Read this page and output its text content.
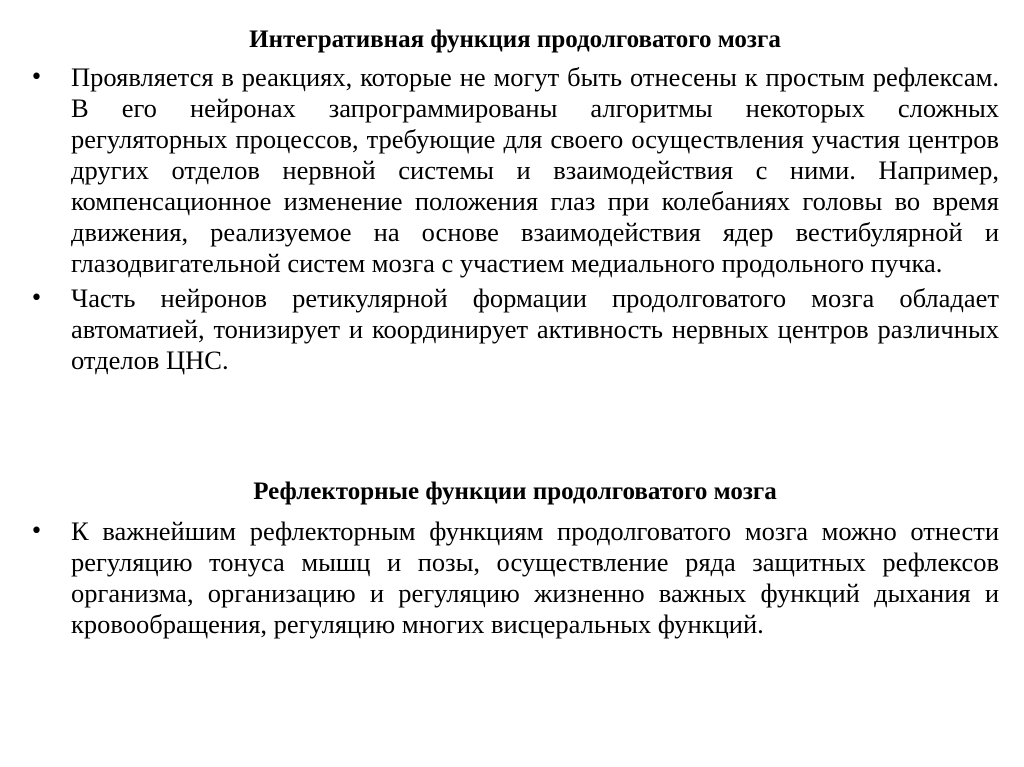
Интегративная функция продолговатого мозга
• Проявляется в реакциях, которые не могут быть отнесены к простым рефлексам. В его нейронах запрограммированы алгоритмы некоторых сложных регуляторных процессов, требующие для своего осуществления участия центров других отделов нервной системы и взаимодействия с ними. Например, компенсационное изменение положения глаз при колебаниях головы во время движения, реализуемое на основе взаимодействия ядер вестибулярной и глазодвигательной систем мозга с участием медиального продольного пучка.
• Часть нейронов ретикулярной формации продолговатого мозга обладает автоматией, тонизирует и координирует активность нервных центров различных отделов ЦНС.
Рефлекторные функции продолговатого мозга
• К важнейшим рефлекторным функциям продолговатого мозга можно отнести регуляцию тонуса мышц и позы, осуществление ряда защитных рефлексов организма, организацию и регуляцию жизненно важных функций дыхания и кровообращения, регуляцию многих висцеральных функций.
